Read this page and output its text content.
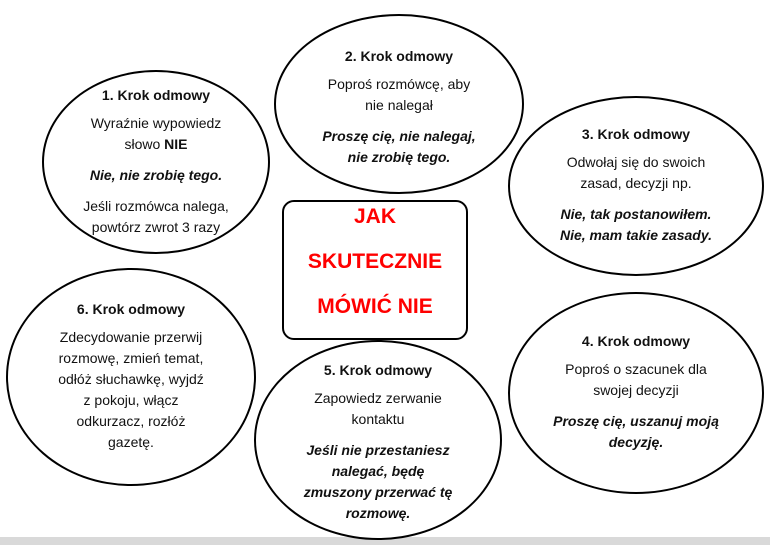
2. Krok odmowy

Poproś rozmówcę, aby
nie nalegał

Proszę cię, nie nalegaj,
nie zrobię tego.

1. Krok odmowy

Wyraźnie wypowiedz
słowo NIE

Nie, nie zrobię tego.

Jeśli rozmówca nalega,
powtórz zwrot 3 razy

3. Krok odmowy

Odwołaj się do swoich
zasad, decyzji np.

Nie, tak postanowiłem.
Nie, mam takie zasady.

JAK
SKUTECZNIE
MÓWIĆ NIE
6. Krok odmowy

Zdecydowanie przerwij
rozmowę, zmień temat,
odłóż słuchawkę, wyjdź
z pokoju, włącz
odkurzacz, rozłóż
gazetę.

4. Krok odmowy

Poproś o szacunek dla
swojej decyzji

Proszę cię, uszanuj moją
decyzję.

5. Krok odmowy

Zapowiedz zerwanie
kontaktu

Jeśli nie przestaniesz
nalegać, będę
zmuszony przerwać tę
rozmowę.
